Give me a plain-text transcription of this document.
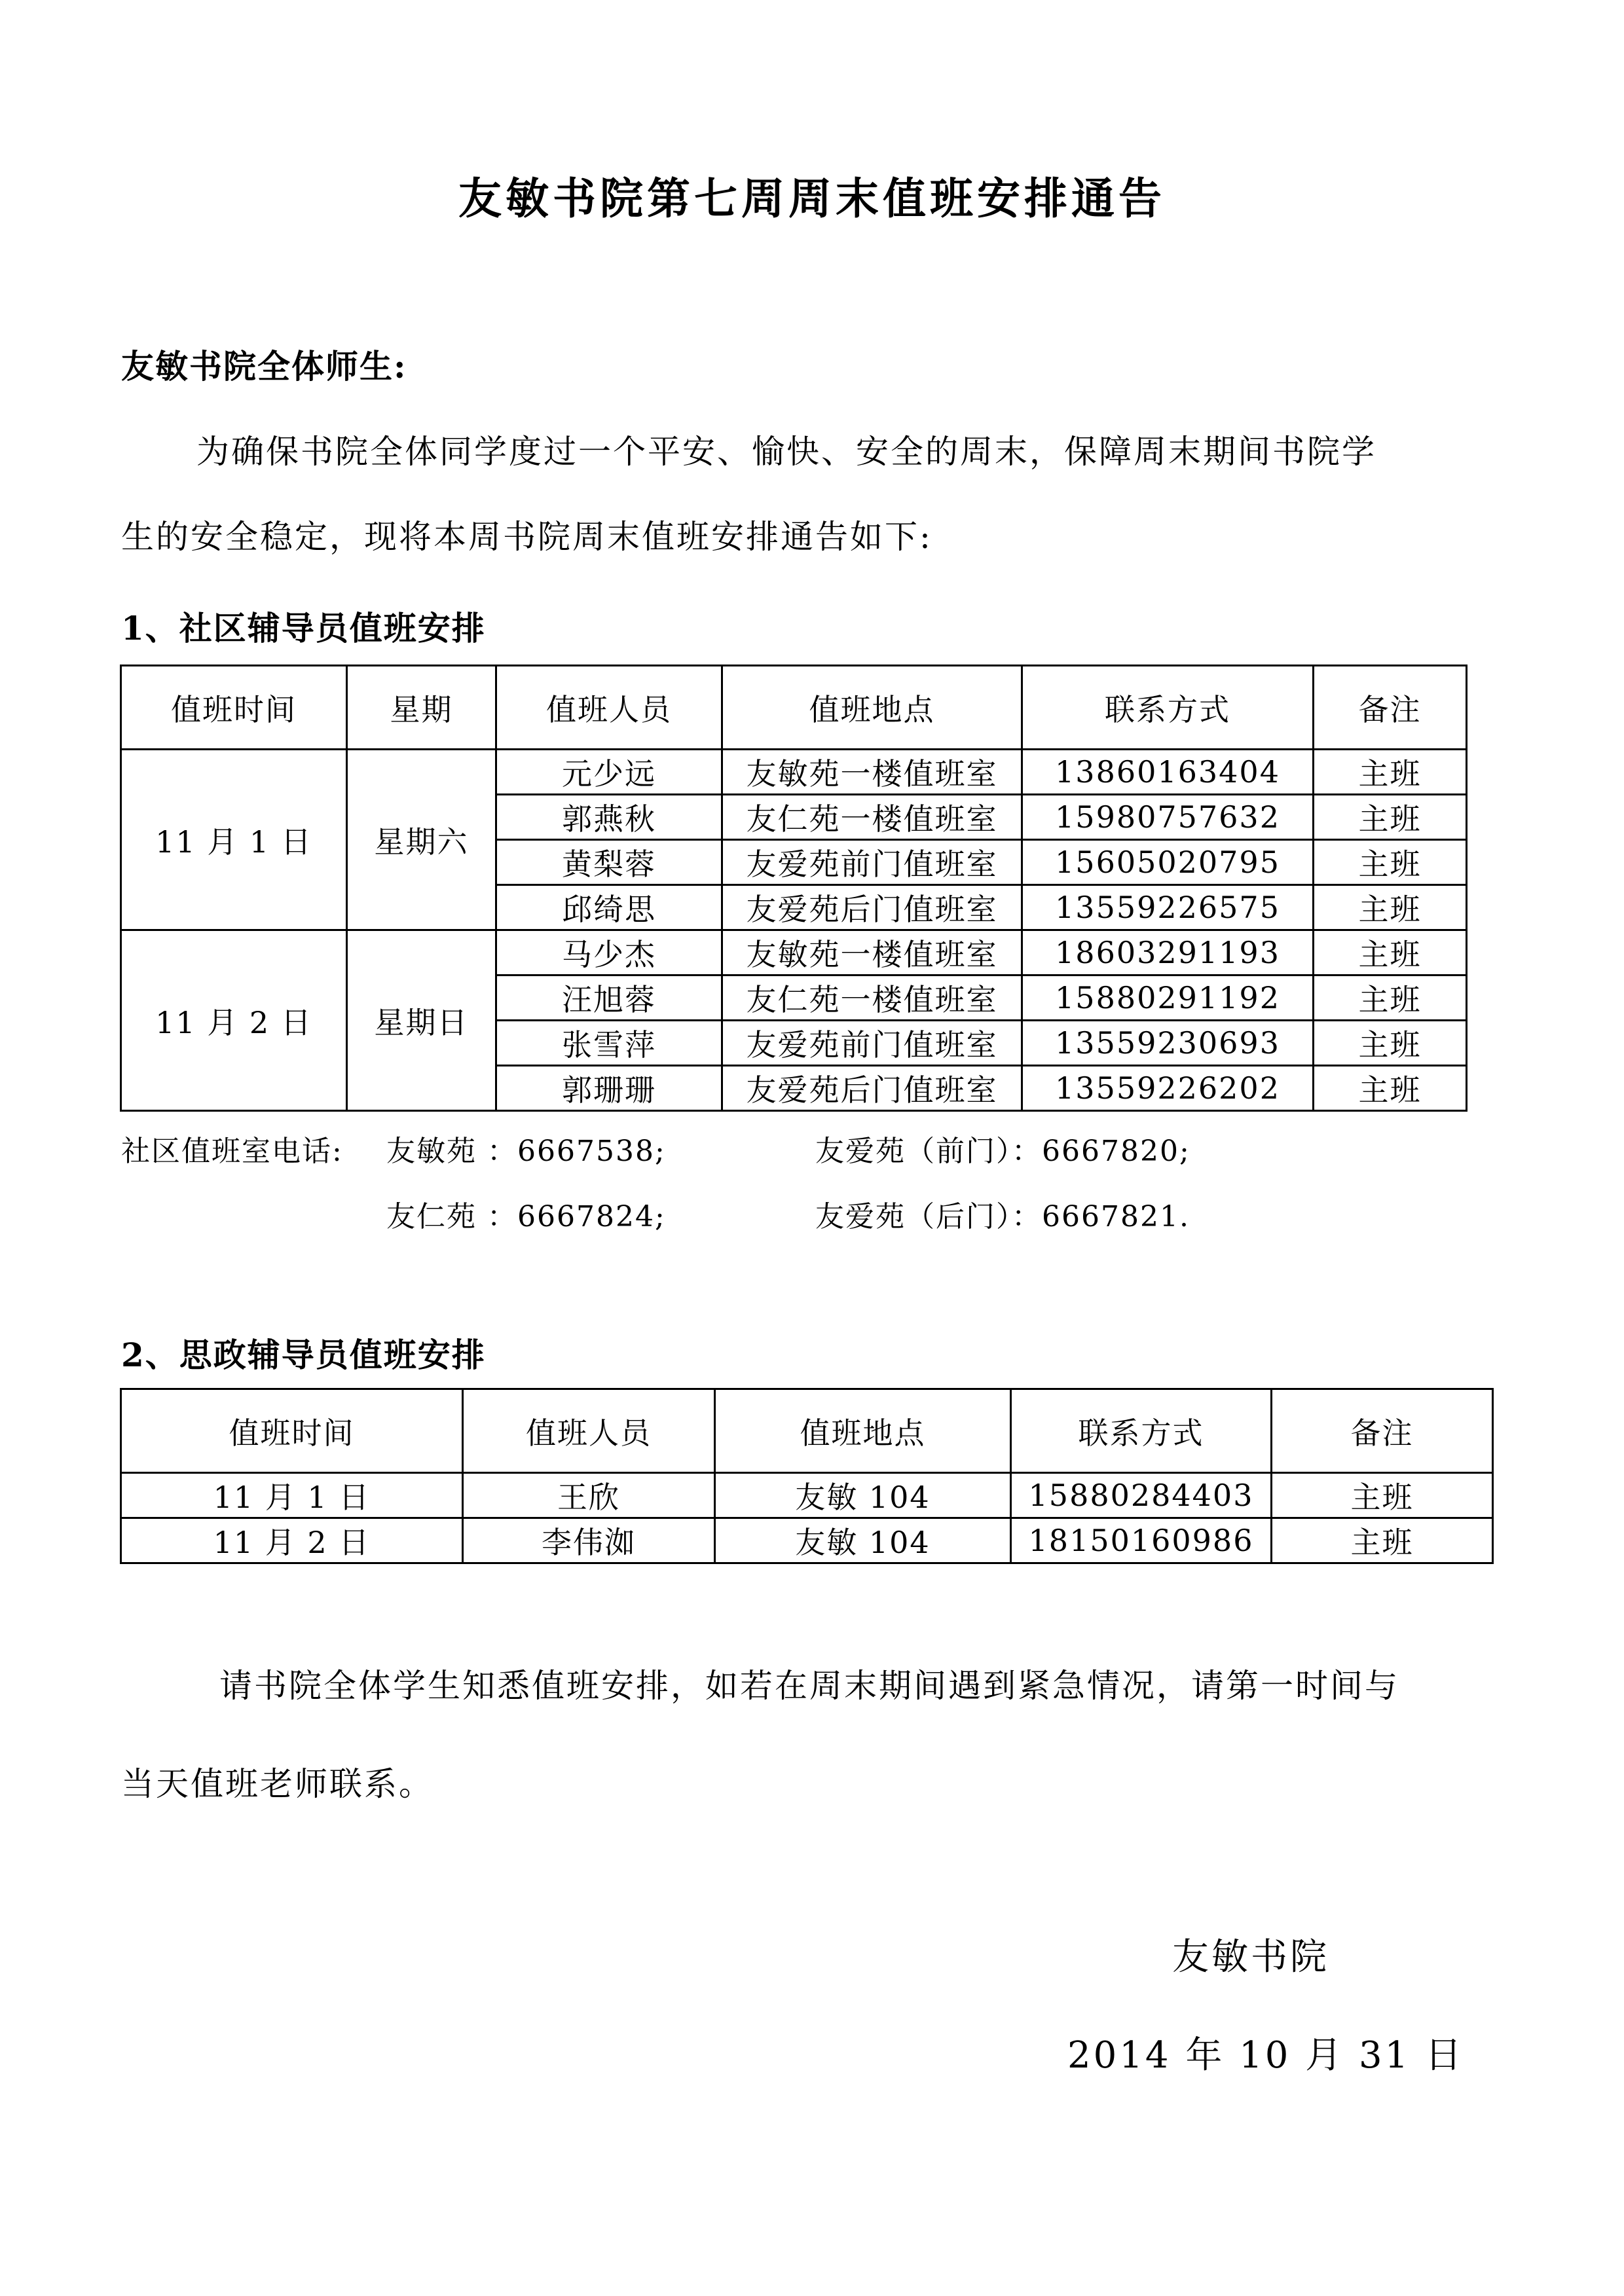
友敏书院第七周周末值班安排通告
友敏书院全体师生:
为确保书院全体同学度过一个平安、愉快、安全的周末，保障周末期间书院学生的安全稳定，现将本周书院周末值班安排通告如下:
1、社区辅导员值班安排
值班时间	星期	值班人员	值班地点	联系方式	备注
11 月 1 日	星期六	元少远	友敏苑一楼值班室	13860163404	主班
		郭燕秋	友仁苑一楼值班室	15980757632	主班
		黄梨蓉	友爱苑前门值班室	15605020795	主班
		邱绮思	友爱苑后门值班室	13559226575	主班
11 月 2 日	星期日	马少杰	友敏苑一楼值班室	18603291193	主班
		汪旭蓉	友仁苑一楼值班室	15880291192	主班
		张雪萍	友爱苑前门值班室	13559230693	主班
		郭珊珊	友爱苑后门值班室	13559226202	主班
社区值班室电话: 友敏苑 ：6667538;	友爱苑（前门）：6667820;
友仁苑 ：6667824;	友爱苑（后门）：6667821.
2、思政辅导员值班安排
值班时间	值班人员	值班地点	联系方式	备注
11 月 1 日	王欣	友敏 104	15880284403	主班
11 月 2 日	李伟洳	友敏 104	18150160986	主班
请书院全体学生知悉值班安排，如若在周末期间遇到紧急情况，请第一时间与当天值班老师联系。
友敏书院
2014 年 10 月 31 日
